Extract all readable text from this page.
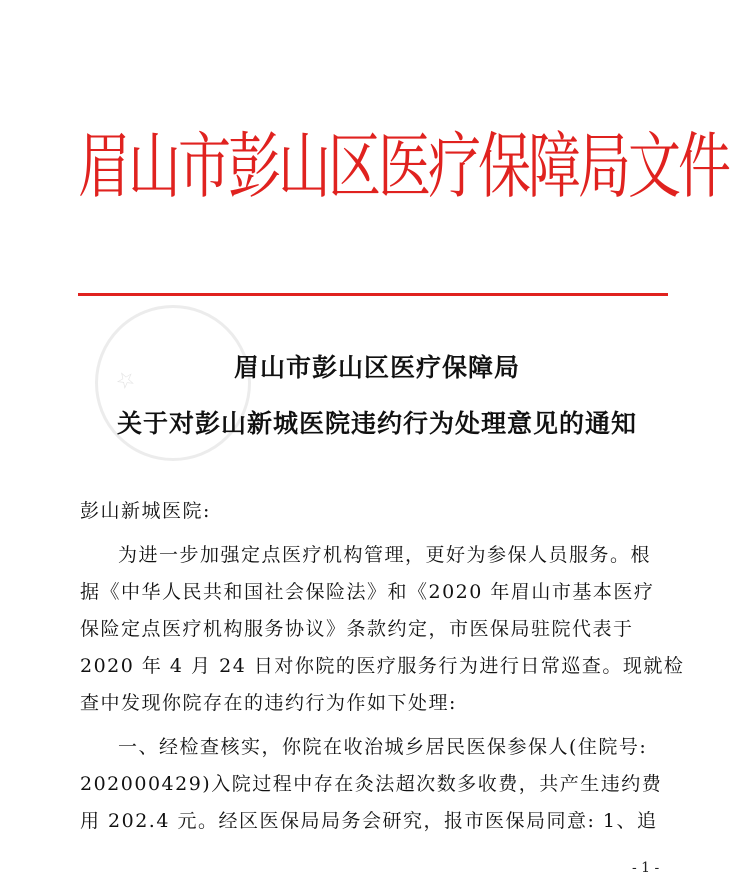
眉山市彭山区医疗保障局文件
☆	眉山市彭山区医疗保障局
关于对彭山新城医院违约行为处理意见的通知
彭山新城医院:
为进一步加强定点医疗机构管理，更好为参保人员服务。根
据《中华人民共和国社会保险法》和《2020 年眉山市基本医疗
保险定点医疗机构服务协议》条款约定，市医保局驻院代表于
2020 年 4 月 24 日对你院的医疗服务行为进行日常巡查。现就检
查中发现你院存在的违约行为作如下处理:
一、经检查核实，你院在收治城乡居民医保参保人(住院号:
202000429)入院过程中存在灸法超次数多收费，共产生违约费
用 202.4 元。经区医保局局务会研究，报市医保局同意: 1、追
- 1 -
